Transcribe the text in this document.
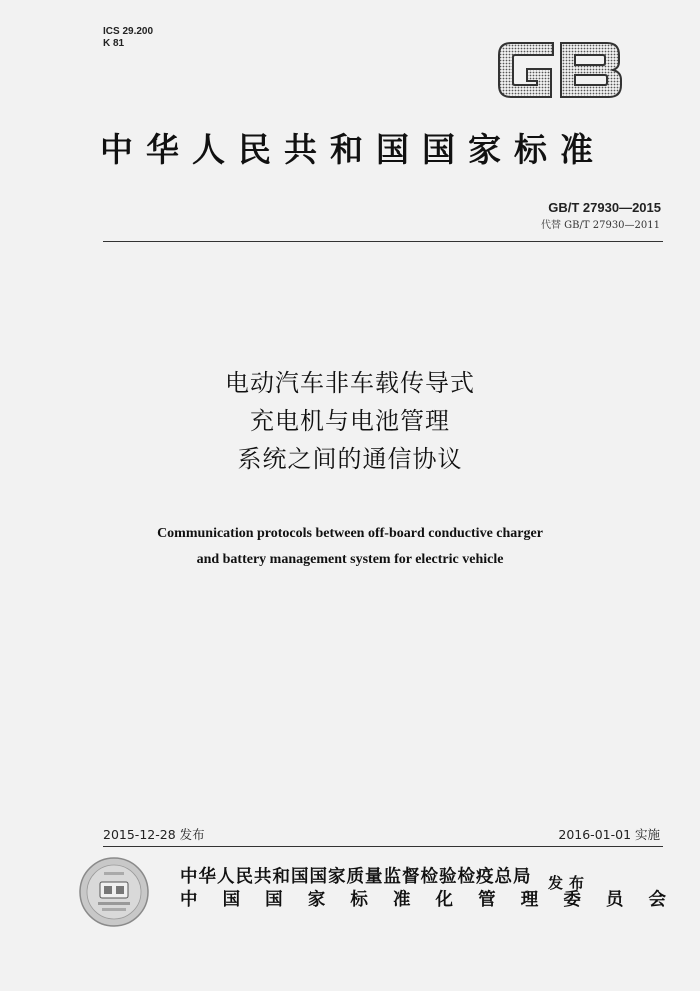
ICS 29.200
K 81
中华人民共和国国家标准
GB/T 27930—2015
代替 GB/T 27930—2011
电动汽车非车载传导式
充电机与电池管理
系统之间的通信协议
Communication protocols between off-board conductive charger
and battery management system for electric vehicle
2015-12-28 发布	2016-01-01 实施
中华人民共和国国家质量监督检验检疫总局
中 国 国 家 标 准 化 管 理 委 员 会
发布
